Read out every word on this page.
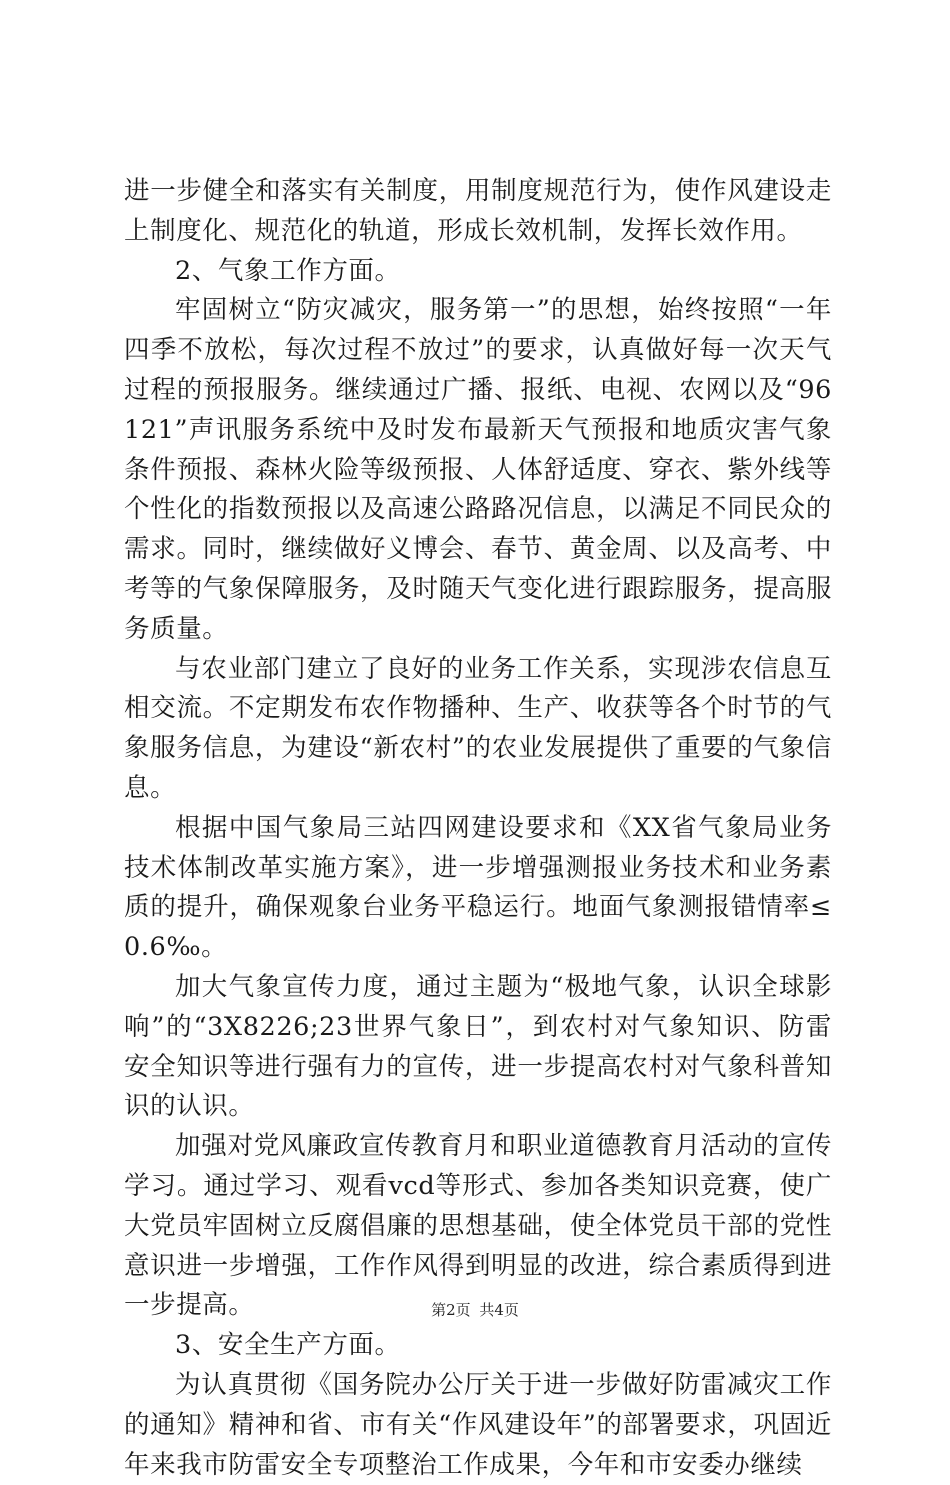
进一步健全和落实有关制度，用制度规范行为，使作风建设走上制度化、规范化的轨道，形成长效机制，发挥长效作用。

2、气象工作方面。

牢固树立“防灾减灾，服务第一”的思想，始终按照“一年四季不放松，每次过程不放过”的要求，认真做好每一次天气过程的预报服务。继续通过广播、报纸、电视、农网以及“96121”声讯服务系统中及时发布最新天气预报和地质灾害气象条件预报、森林火险等级预报、人体舒适度、穿衣、紫外线等个性化的指数预报以及高速公路路况信息，以满足不同民众的需求。同时，继续做好义博会、春节、黄金周、以及高考、中考等的气象保障服务，及时随天气变化进行跟踪服务，提高服务质量。

与农业部门建立了良好的业务工作关系，实现涉农信息互相交流。不定期发布农作物播种、生产、收获等各个时节的气象服务信息，为建设“新农村”的农业发展提供了重要的气象信息。

根据中国气象局三站四网建设要求和《XX省气象局业务技术体制改革实施方案》，进一步增强测报业务技术和业务素质的提升，确保观象台业务平稳运行。地面气象测报错情率≤0.6‰。

加大气象宣传力度，通过主题为“极地气象，认识全球影响”的“3X8226;23世界气象日”，到农村对气象知识、防雷安全知识等进行强有力的宣传，进一步提高农村对气象科普知识的认识。

加强对党风廉政宣传教育月和职业道德教育月活动的宣传学习。通过学习、观看vcd等形式、参加各类知识竞赛，使广大党员牢固树立反腐倡廉的思想基础，使全体党员干部的党性意识进一步增强，工作作风得到明显的改进，综合素质得到进一步提高。

3、安全生产方面。

为认真贯彻《国务院办公厅关于进一步做好防雷减灾工作的通知》精神和省、市有关“作风建设年”的部署要求，巩固近年来我市防雷安全专项整治工作成果，今年和市安委办继续

第2页 共4页
